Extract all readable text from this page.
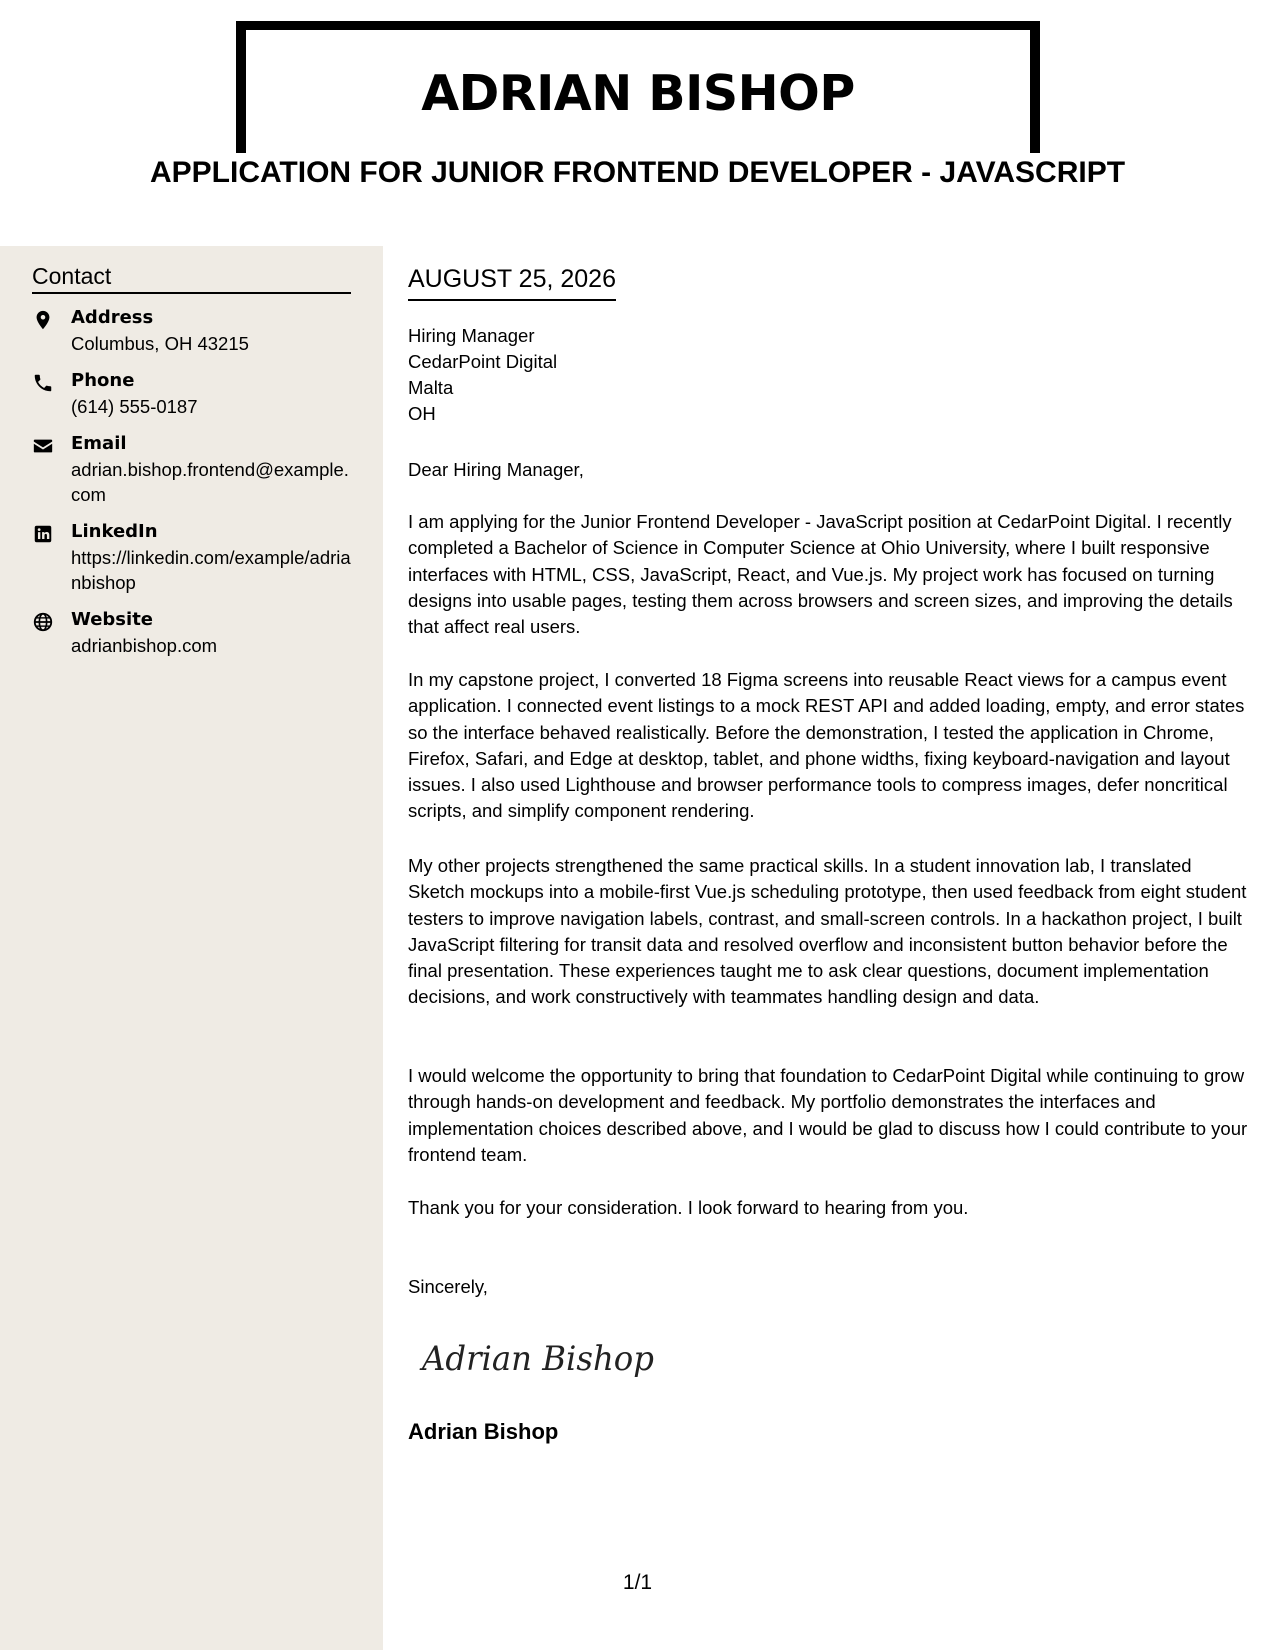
ADRIAN BISHOP
APPLICATION FOR JUNIOR FRONTEND DEVELOPER - JAVASCRIPT
Contact
Address
Columbus, OH 43215
Phone
(614) 555-0187
Email
adrian.bishop.frontend@example.com
LinkedIn
https://linkedin.com/example/adrianbishop
Website
adrianbishop.com
AUGUST 25, 2026
Hiring Manager
CedarPoint Digital
Malta
OH
Dear Hiring Manager,
I am applying for the Junior Frontend Developer - JavaScript position at CedarPoint Digital. I recently completed a Bachelor of Science in Computer Science at Ohio University, where I built responsive interfaces with HTML, CSS, JavaScript, React, and Vue.js. My project work has focused on turning designs into usable pages, testing them across browsers and screen sizes, and improving the details that affect real users.
In my capstone project, I converted 18 Figma screens into reusable React views for a campus event application. I connected event listings to a mock REST API and added loading, empty, and error states so the interface behaved realistically. Before the demonstration, I tested the application in Chrome, Firefox, Safari, and Edge at desktop, tablet, and phone widths, fixing keyboard-navigation and layout issues. I also used Lighthouse and browser performance tools to compress images, defer noncritical scripts, and simplify component rendering.
My other projects strengthened the same practical skills. In a student innovation lab, I translated Sketch mockups into a mobile-first Vue.js scheduling prototype, then used feedback from eight student testers to improve navigation labels, contrast, and small-screen controls. In a hackathon project, I built JavaScript filtering for transit data and resolved overflow and inconsistent button behavior before the final presentation. These experiences taught me to ask clear questions, document implementation decisions, and work constructively with teammates handling design and data.
I would welcome the opportunity to bring that foundation to CedarPoint Digital while continuing to grow through hands-on development and feedback. My portfolio demonstrates the interfaces and implementation choices described above, and I would be glad to discuss how I could contribute to your frontend team.
Thank you for your consideration. I look forward to hearing from you.
Sincerely,
Adrian Bishop
Adrian Bishop
1/1
